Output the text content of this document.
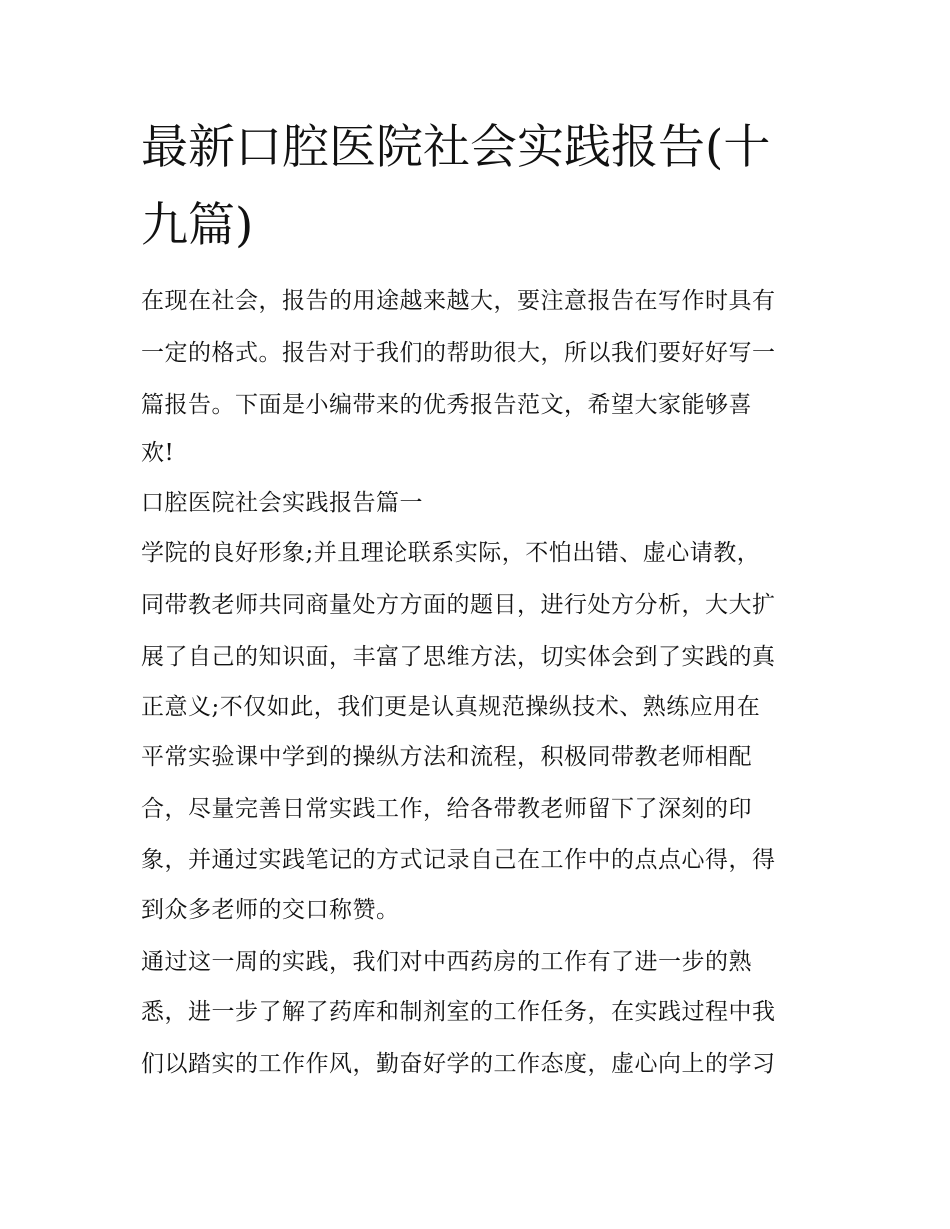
最新口腔医院社会实践报告(十
九篇)
在现在社会，报告的用途越来越大，要注意报告在写作时具有
一定的格式。报告对于我们的帮助很大，所以我们要好好写一
篇报告。下面是小编带来的优秀报告范文，希望大家能够喜
欢!
口腔医院社会实践报告篇一
学院的良好形象;并且理论联系实际，不怕出错、虚心请教，
同带教老师共同商量处方方面的题目，进行处方分析，大大扩
展了自己的知识面，丰富了思维方法，切实体会到了实践的真
正意义;不仅如此，我们更是认真规范操纵技术、熟练应用在
平常实验课中学到的操纵方法和流程，积极同带教老师相配
合，尽量完善日常实践工作，给各带教老师留下了深刻的印
象，并通过实践笔记的方式记录自己在工作中的点点心得，得
到众多老师的交口称赞。
通过这一周的实践，我们对中西药房的工作有了进一步的熟
悉，进一步了解了药库和制剂室的工作任务，在实践过程中我
们以踏实的工作作风，勤奋好学的工作态度，虚心向上的学习
